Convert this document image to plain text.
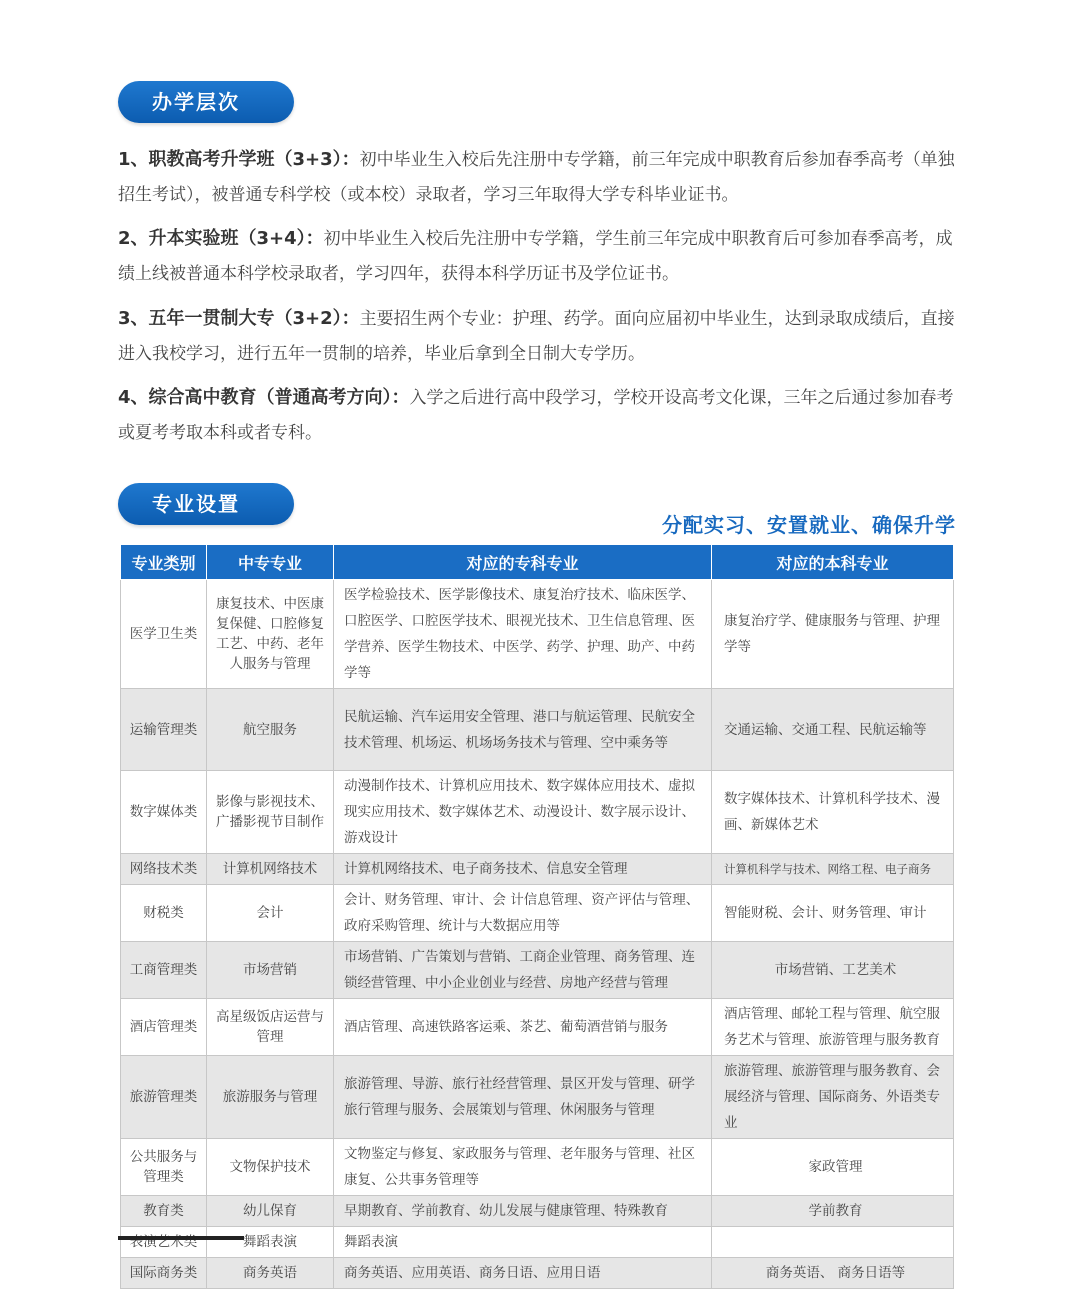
办学层次
1、职教高考升学班（3+3）：初中毕业生入校后先注册中专学籍，前三年完成中职教育后参加春季高考（单独招生考试），被普通专科学校（或本校）录取者，学习三年取得大学专科毕业证书。
2、升本实验班（3+4）：初中毕业生入校后先注册中专学籍，学生前三年完成中职教育后可参加春季高考，成绩上线被普通本科学校录取者，学习四年，获得本科学历证书及学位证书。
3、五年一贯制大专（3+2）：主要招生两个专业：护理、药学。面向应届初中毕业生，达到录取成绩后，直接进入我校学习，进行五年一贯制的培养，毕业后拿到全日制大专学历。
4、综合高中教育（普通高考方向）：入学之后进行高中段学习，学校开设高考文化课，三年之后通过参加春考或夏考考取本科或者专科。
专业设置
分配实习、安置就业、确保升学
专业类别	中专专业	对应的专科专业	对应的本科专业
医学卫生类	康复技术、中医康复保健、口腔修复工艺、中药、老年人服务与管理	医学检验技术、医学影像技术、康复治疗技术、临床医学、口腔医学、口腔医学技术、眼视光技术、卫生信息管理、医学营养、医学生物技术、中医学、药学、护理、助产、中药学等	康复治疗学、健康服务与管理、护理学等
运输管理类	航空服务	民航运输、汽车运用安全管理、港口与航运管理、民航安全技术管理、机场运、机场场务技术与管理、空中乘务等	交通运输、交通工程、民航运输等
数字媒体类	影像与影视技术、广播影视节目制作	动漫制作技术、计算机应用技术、数字媒体应用技术、虚拟现实应用技术、数字媒体艺术、动漫设计、数字展示设计、游戏设计	数字媒体技术、计算机科学技术、漫画、新媒体艺术
网络技术类	计算机网络技术	计算机网络技术、电子商务技术、信息安全管理	计算机科学与技术、网络工程、电子商务
财税类	会计	会计、财务管理、审计、会 计信息管理、资产评估与管理、政府采购管理、统计与大数据应用等	智能财税、会计、财务管理、审计
工商管理类	市场营销	市场营销、广告策划与营销、工商企业管理、商务管理、连锁经营管理、中小企业创业与经营、房地产经营与管理	市场营销、工艺美术
酒店管理类	高星级饭店运营与管理	酒店管理、高速铁路客运乘、茶艺、葡萄酒营销与服务	酒店管理、邮轮工程与管理、航空服务艺术与管理、旅游管理与服务教育
旅游管理类	旅游服务与管理	旅游管理、导游、旅行社经营管理、景区开发与管理、研学旅行管理与服务、会展策划与管理、休闲服务与管理	旅游管理、旅游管理与服务教育、会展经济与管理、国际商务、外语类专业
公共服务与管理类	文物保护技术	文物鉴定与修复、家政服务与管理、老年服务与管理、社区康复、公共事务管理等	家政管理
教育类	幼儿保育	早期教育、学前教育、幼儿发展与健康管理、特殊教育	学前教育
表演艺术类	舞蹈表演	舞蹈表演	
国际商务类	商务英语	商务英语、应用英语、商务日语、应用日语	商务英语、 商务日语等
